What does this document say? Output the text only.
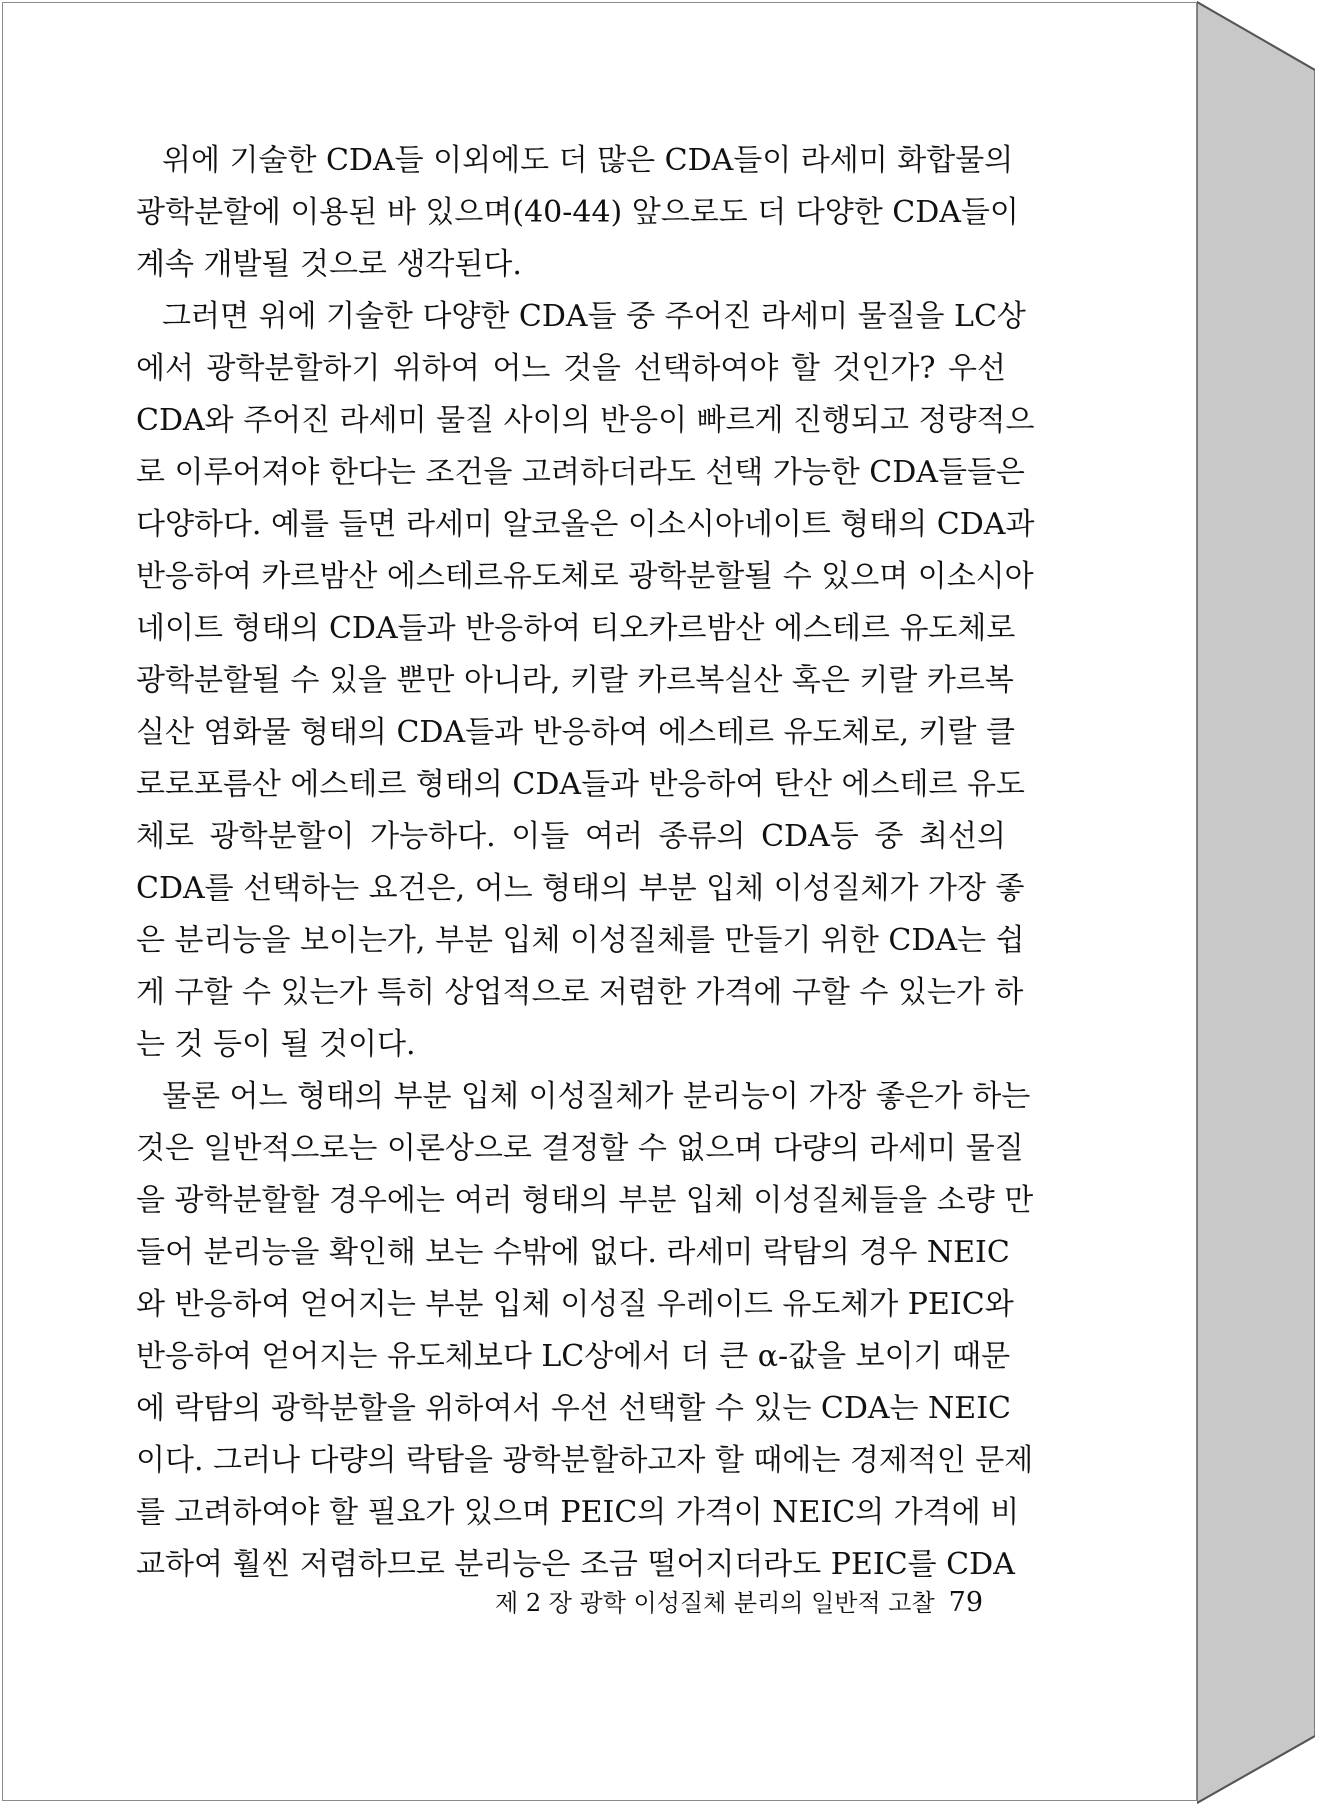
위에 기술한 CDA들 이외에도 더 많은 CDA들이 라세미 화합물의
광학분할에 이용된 바 있으며(40-44) 앞으로도 더 다양한 CDA들이
계속 개발될 것으로 생각된다.
그러면 위에 기술한 다양한 CDA들 중 주어진 라세미 물질을 LC상
에서 광학분할하기 위하여 어느 것을 선택하여야 할 것인가? 우선
CDA와 주어진 라세미 물질 사이의 반응이 빠르게 진행되고 정량적으
로 이루어져야 한다는 조건을 고려하더라도 선택 가능한 CDA들들은
다양하다. 예를 들면 라세미 알코올은 이소시아네이트 형태의 CDA과
반응하여 카르밤산 에스테르유도체로 광학분할될 수 있으며 이소시아
네이트 형태의 CDA들과 반응하여 티오카르밤산 에스테르 유도체로
광학분할될 수 있을 뿐만 아니라, 키랄 카르복실산 혹은 키랄 카르복
실산 염화물 형태의 CDA들과 반응하여 에스테르 유도체로, 키랄 클
로로포름산 에스테르 형태의 CDA들과 반응하여 탄산 에스테르 유도
체로 광학분할이 가능하다. 이들 여러 종류의 CDA등 중 최선의
CDA를 선택하는 요건은, 어느 형태의 부분 입체 이성질체가 가장 좋
은 분리능을 보이는가, 부분 입체 이성질체를 만들기 위한 CDA는 쉽
게 구할 수 있는가 특히 상업적으로 저렴한 가격에 구할 수 있는가 하
는 것 등이 될 것이다.
물론 어느 형태의 부분 입체 이성질체가 분리능이 가장 좋은가 하는
것은 일반적으로는 이론상으로 결정할 수 없으며 다량의 라세미 물질
을 광학분할할 경우에는 여러 형태의 부분 입체 이성질체들을 소량 만
들어 분리능을 확인해 보는 수밖에 없다. 라세미 락탐의 경우 NEIC
와 반응하여 얻어지는 부분 입체 이성질 우레이드 유도체가 PEIC와
반응하여 얻어지는 유도체보다 LC상에서 더 큰 α-값을 보이기 때문
에 락탐의 광학분할을 위하여서 우선 선택할 수 있는 CDA는 NEIC
이다. 그러나 다량의 락탐을 광학분할하고자 할 때에는 경제적인 문제
를 고려하여야 할 필요가 있으며 PEIC의 가격이 NEIC의 가격에 비
교하여 훨씬 저렴하므로 분리능은 조금 떨어지더라도 PEIC를 CDA
제 2 장 광학 이성질체 분리의 일반적 고찰 79
